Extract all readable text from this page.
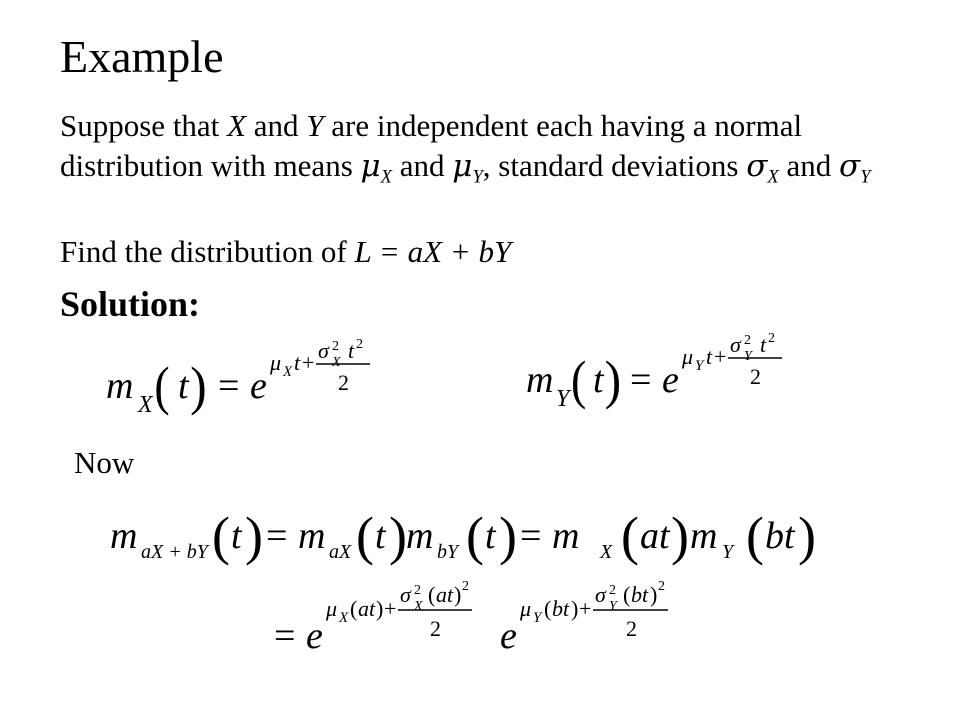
Example

Suppose that X and Y are independent each having a normal distribution with means $\mu_X$ and $\mu_Y$, standard deviations $\sigma_X$ and $\sigma_Y$

Find the distribution of L = aX + bY

Solution:

m X ( t ) = e
μ X t + σ 2
X t 2
2	m Y ( t ) = e
μ Y t + σ 2
Y t 2
2

Now

m aX + bY ( t ) = m aX ( t ) m bY ( t ) = m X ( at ) m Y ( bt )
= e
μ X ( at ) +
σ 2
X ( at ) 2
2 e
μ Y ( bt ) +
σ 2
Y ( bt ) 2
2
